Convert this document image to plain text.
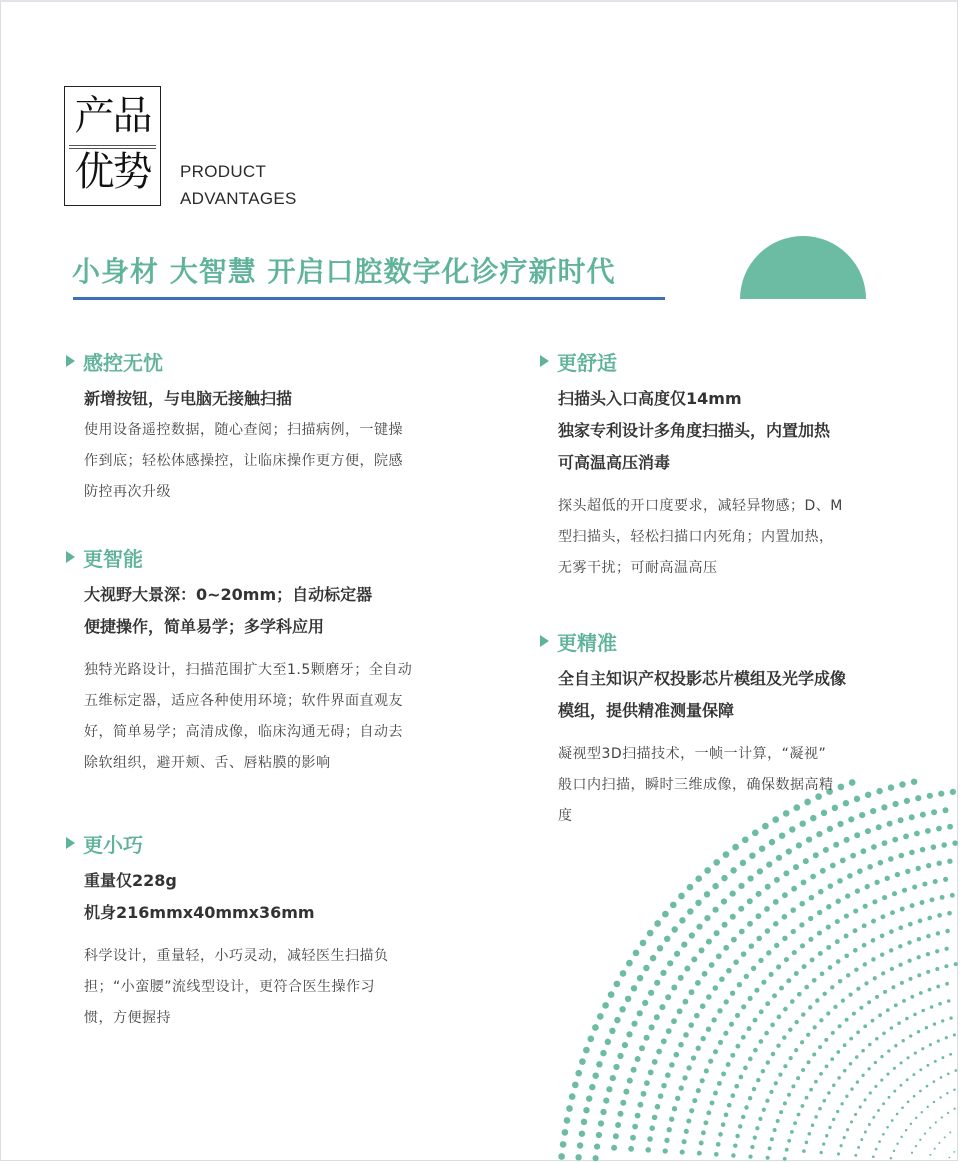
产品
优势	PRODUCT
ADVANTAGES
小身材 大智慧 开启口腔数字化诊疗新时代
感控无忧
新增按钮，与电脑无接触扫描
使用设备遥控数据，随心查阅；扫描病例，一键操
作到底；轻松体感操控，让临床操作更方便，院感
防控再次升级
更智能
大视野大景深：0~20mm；自动标定器
便捷操作，简单易学；多学科应用
独特光路设计，扫描范围扩大至1.5颗磨牙；全自动
五维标定器，适应各种使用环境；软件界面直观友
好，简单易学；高清成像，临床沟通无碍；自动去
除软组织，避开颊、舌、唇粘膜的影响
更小巧
重量仅228g
机身216mmx40mmx36mm
科学设计，重量轻，小巧灵动，减轻医生扫描负
担；“小蛮腰”流线型设计，更符合医生操作习
惯，方便握持
更舒适
扫描头入口高度仅14mm
独家专利设计多角度扫描头，内置加热
可高温高压消毒
探头超低的开口度要求，减轻异物感；D、M
型扫描头，轻松扫描口内死角；内置加热，
无雾干扰；可耐高温高压
更精准
全自主知识产权投影芯片模组及光学成像
模组，提供精准测量保障
凝视型3D扫描技术，一帧一计算，“凝视”
般口内扫描，瞬时三维成像，确保数据高精
度
